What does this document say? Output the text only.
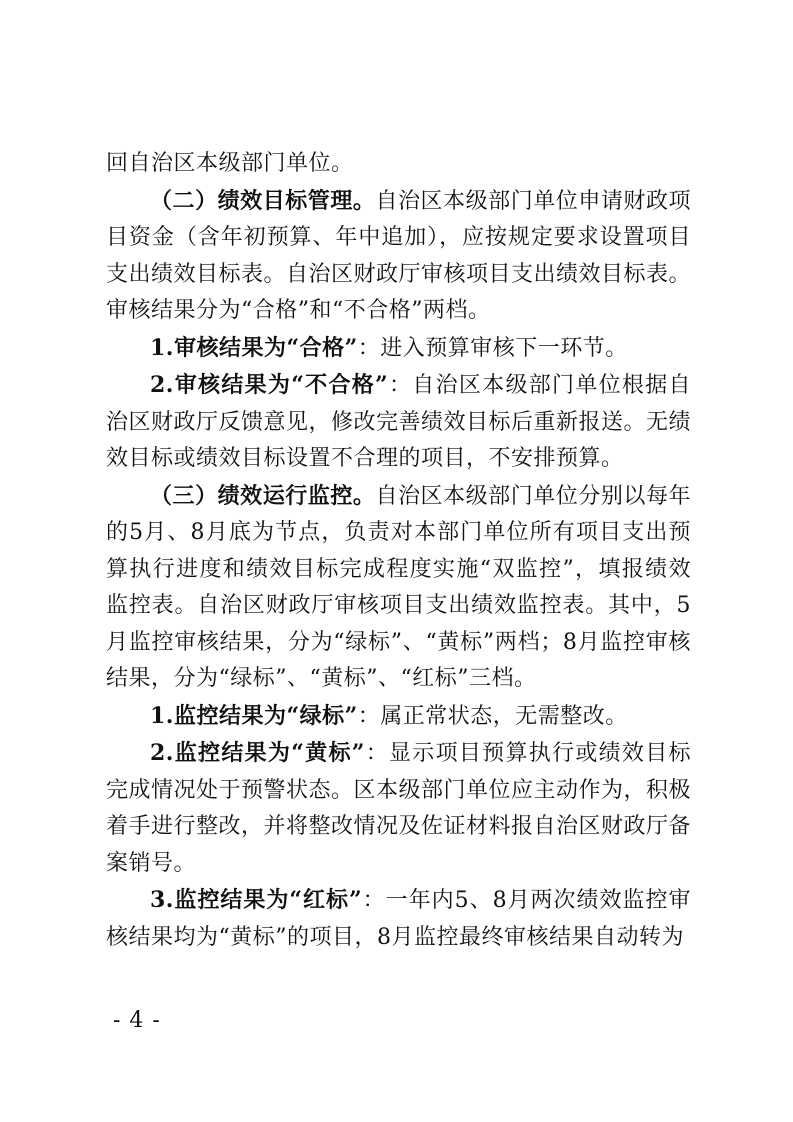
回自治区本级部门单位。

（二）绩效目标管理。自治区本级部门单位申请财政项目资金（含年初预算、年中追加），应按规定要求设置项目支出绩效目标表。自治区财政厅审核项目支出绩效目标表。审核结果分为“合格”和“不合格”两档。

1.审核结果为“合格”：进入预算审核下一环节。

2.审核结果为“不合格”：自治区本级部门单位根据自治区财政厅反馈意见，修改完善绩效目标后重新报送。无绩效目标或绩效目标设置不合理的项目，不安排预算。

（三）绩效运行监控。自治区本级部门单位分别以每年的5月、8月底为节点，负责对本部门单位所有项目支出预算执行进度和绩效目标完成程度实施“双监控”，填报绩效监控表。自治区财政厅审核项目支出绩效监控表。其中，5月监控审核结果，分为“绿标”、“黄标”两档；8月监控审核结果，分为“绿标”、“黄标”、“红标”三档。

1.监控结果为“绿标”：属正常状态，无需整改。

2.监控结果为“黄标”：显示项目预算执行或绩效目标完成情况处于预警状态。区本级部门单位应主动作为，积极着手进行整改，并将整改情况及佐证材料报自治区财政厅备案销号。

3.监控结果为“红标”：一年内5、8月两次绩效监控审核结果均为“黄标”的项目，8月监控最终审核结果自动转为

- 4 -
